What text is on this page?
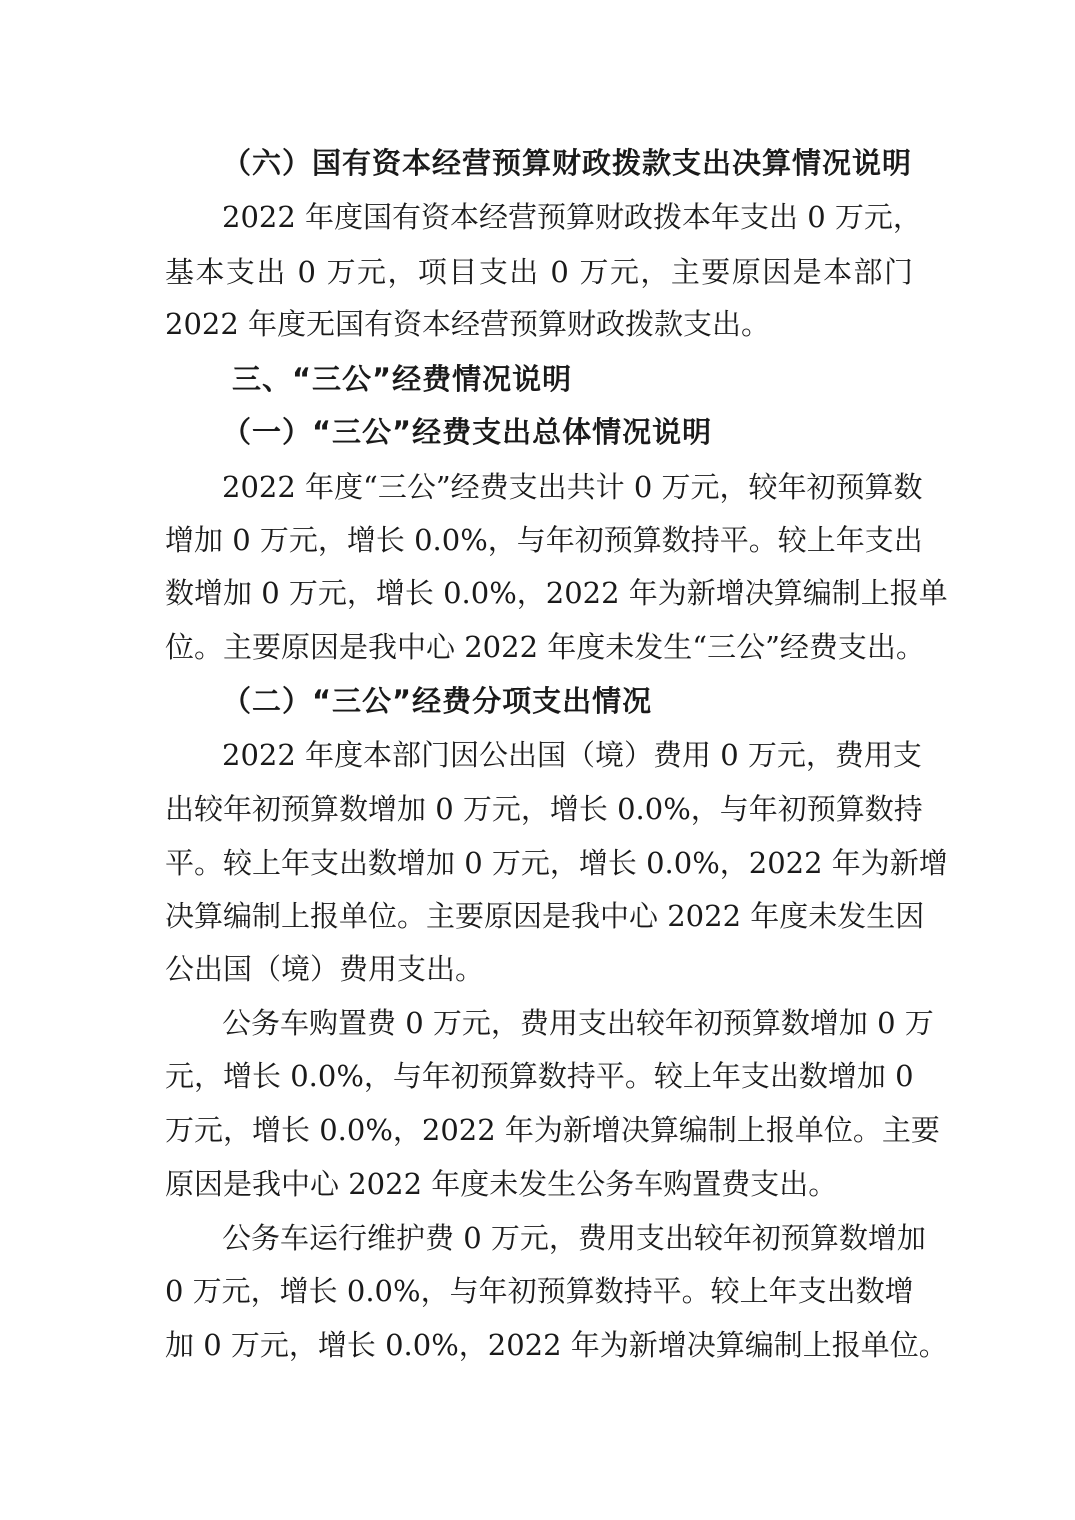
（六）国有资本经营预算财政拨款支出决算情况说明
2022 年度国有资本经营预算财政拨本年支出 0 万元，
基本支出 0 万元，项目支出 0 万元，主要原因是本部门
2022 年度无国有资本经营预算财政拨款支出。
三、“三公”经费情况说明
（一）“三公”经费支出总体情况说明
2022 年度“三公”经费支出共计 0 万元，较年初预算数
增加 0 万元，增长 0.0%，与年初预算数持平。较上年支出
数增加 0 万元，增长 0.0%，2022 年为新增决算编制上报单
位。主要原因是我中心 2022 年度未发生“三公”经费支出。
（二）“三公”经费分项支出情况
2022 年度本部门因公出国（境）费用 0 万元，费用支
出较年初预算数增加 0 万元，增长 0.0%，与年初预算数持
平。较上年支出数增加 0 万元，增长 0.0%，2022 年为新增
决算编制上报单位。主要原因是我中心 2022 年度未发生因
公出国（境）费用支出。
公务车购置费 0 万元，费用支出较年初预算数增加 0 万
元，增长 0.0%，与年初预算数持平。较上年支出数增加 0
万元，增长 0.0%，2022 年为新增决算编制上报单位。主要
原因是我中心 2022 年度未发生公务车购置费支出。
公务车运行维护费 0 万元，费用支出较年初预算数增加
0 万元，增长 0.0%，与年初预算数持平。较上年支出数增
加 0 万元，增长 0.0%，2022 年为新增决算编制上报单位。
